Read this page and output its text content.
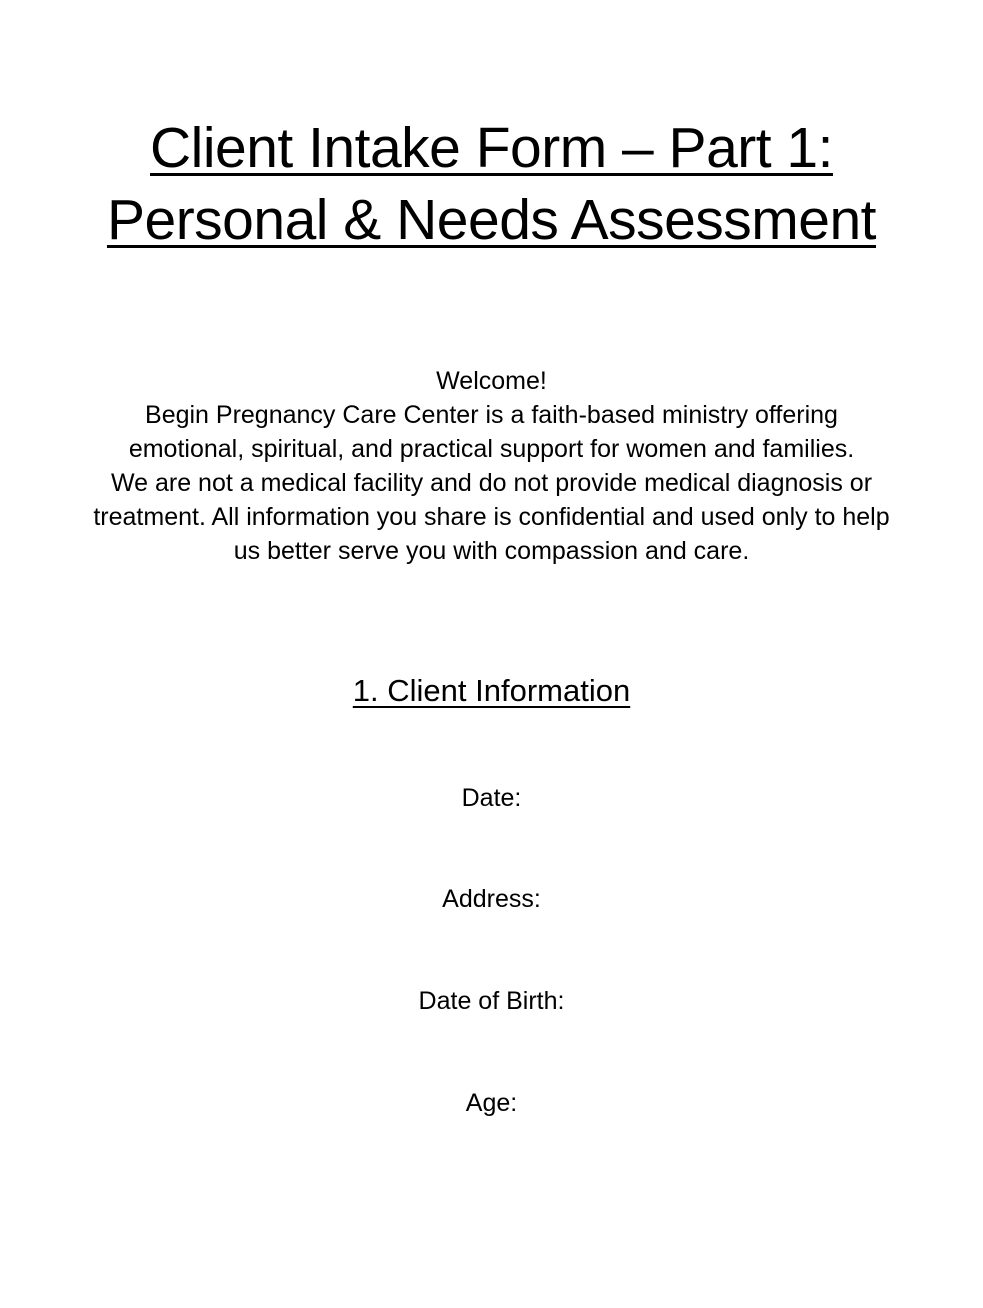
Client Intake Form – Part 1:
Personal & Needs Assessment

Welcome!

Begin Pregnancy Care Center is a faith-based ministry offering emotional, spiritual, and practical support for women and families.

We are not a medical facility and do not provide medical diagnosis or treatment. All information you share is confidential and used only to help us better serve you with compassion and care.

1. Client Information
Date:
Address:
Date of Birth:
Age:
